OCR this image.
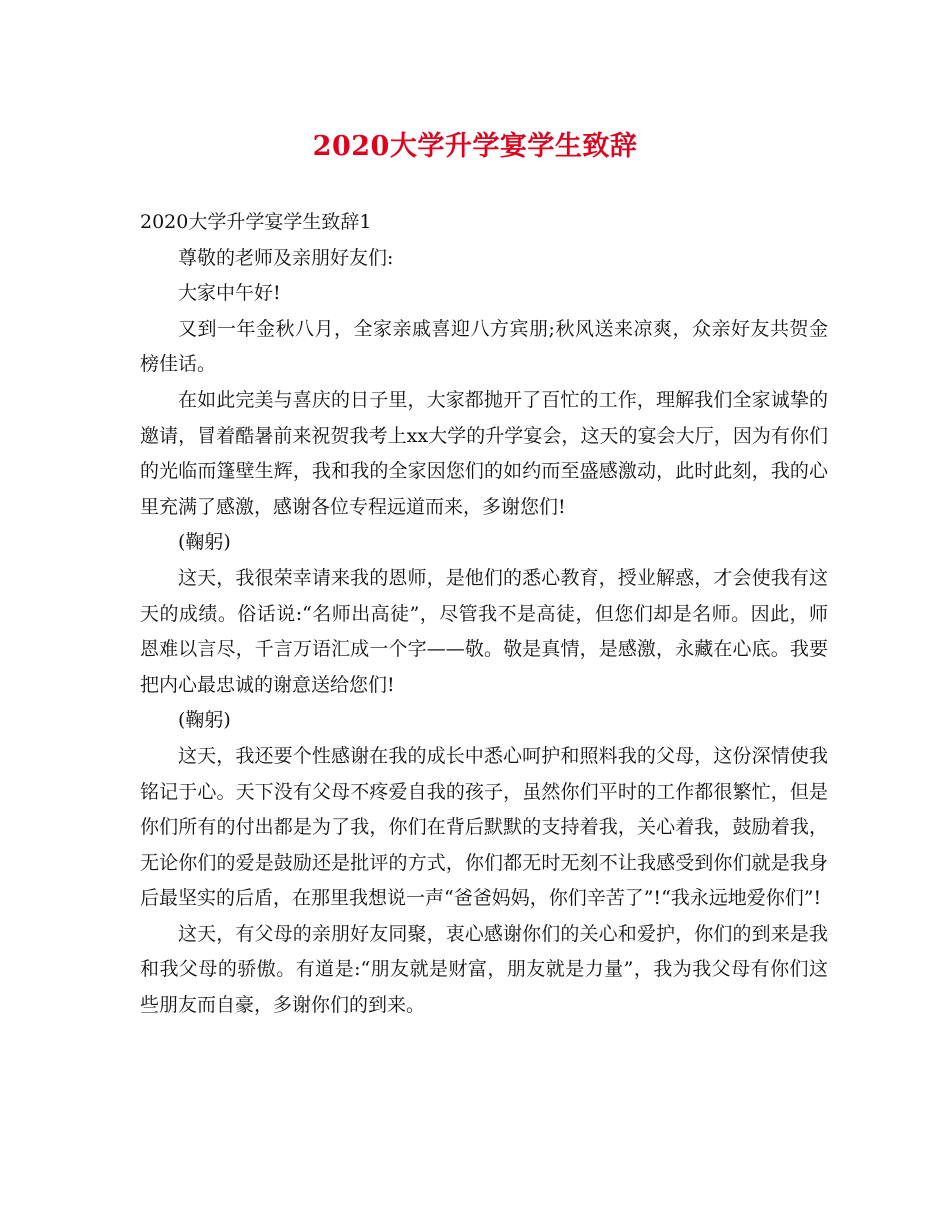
2020大学升学宴学生致辞

2020大学升学宴学生致辞1

尊敬的老师及亲朋好友们:

大家中午好!

又到一年金秋八月，全家亲戚喜迎八方宾朋;秋风送来凉爽，众亲好友共贺金榜佳话。

在如此完美与喜庆的日子里，大家都抛开了百忙的工作，理解我们全家诚挚的邀请，冒着酷暑前来祝贺我考上xx大学的升学宴会，这天的宴会大厅，因为有你们的光临而篷壁生辉，我和我的全家因您们的如约而至盛感激动，此时此刻，我的心里充满了感激，感谢各位专程远道而来，多谢您们!

(鞠躬)

这天，我很荣幸请来我的恩师，是他们的悉心教育，授业解惑，才会使我有这天的成绩。俗话说:“名师出高徒”，尽管我不是高徒，但您们却是名师。因此，师恩难以言尽，千言万语汇成一个字——敬。敬是真情，是感激，永藏在心底。我要把内心最忠诚的谢意送给您们!

(鞠躬)

这天，我还要个性感谢在我的成长中悉心呵护和照料我的父母，这份深情使我铭记于心。天下没有父母不疼爱自我的孩子，虽然你们平时的工作都很繁忙，但是你们所有的付出都是为了我，你们在背后默默的支持着我，关心着我，鼓励着我，无论你们的爱是鼓励还是批评的方式，你们都无时无刻不让我感受到你们就是我身后最坚实的后盾，在那里我想说一声“爸爸妈妈，你们辛苦了”!“我永远地爱你们”!

这天，有父母的亲朋好友同聚，衷心感谢你们的关心和爱护，你们的到来是我和我父母的骄傲。有道是:“朋友就是财富，朋友就是力量”，我为我父母有你们这些朋友而自豪，多谢你们的到来。
